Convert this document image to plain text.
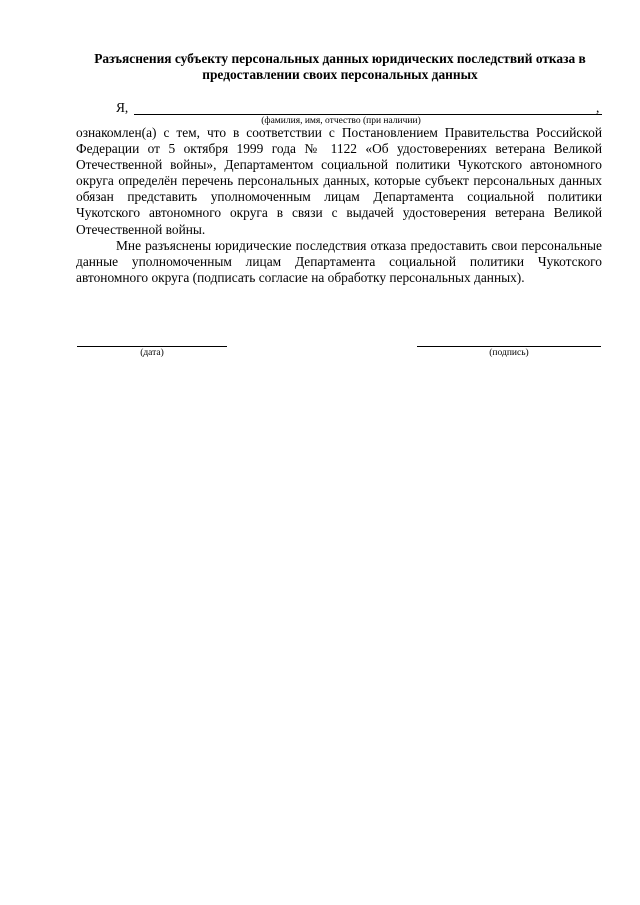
Разъяснения субъекту персональных данных юридических последствий отказа в предоставлении своих персональных данных
Я,	,
(фамилия, имя, отчество (при наличии)

ознакомлен(а) с тем, что в соответствии с Постановлением Правительства Российской Федерации от 5 октября 1999 года № 1122 «Об удостоверениях ветерана Великой Отечественной войны», Департаментом социальной политики Чукотского автономного округа определён перечень персональных данных, которые субъект персональных данных обязан представить уполномоченным лицам Департамента социальной политики Чукотского автономного округа в связи с выдачей удостоверения ветерана Великой Отечественной войны.

Мне разъяснены юридические последствия отказа предоставить свои персональные данные уполномоченным лицам Департамента социальной политики Чукотского автономного округа (подписать согласие на обработку персональных данных).

(дата)	(подпись)
